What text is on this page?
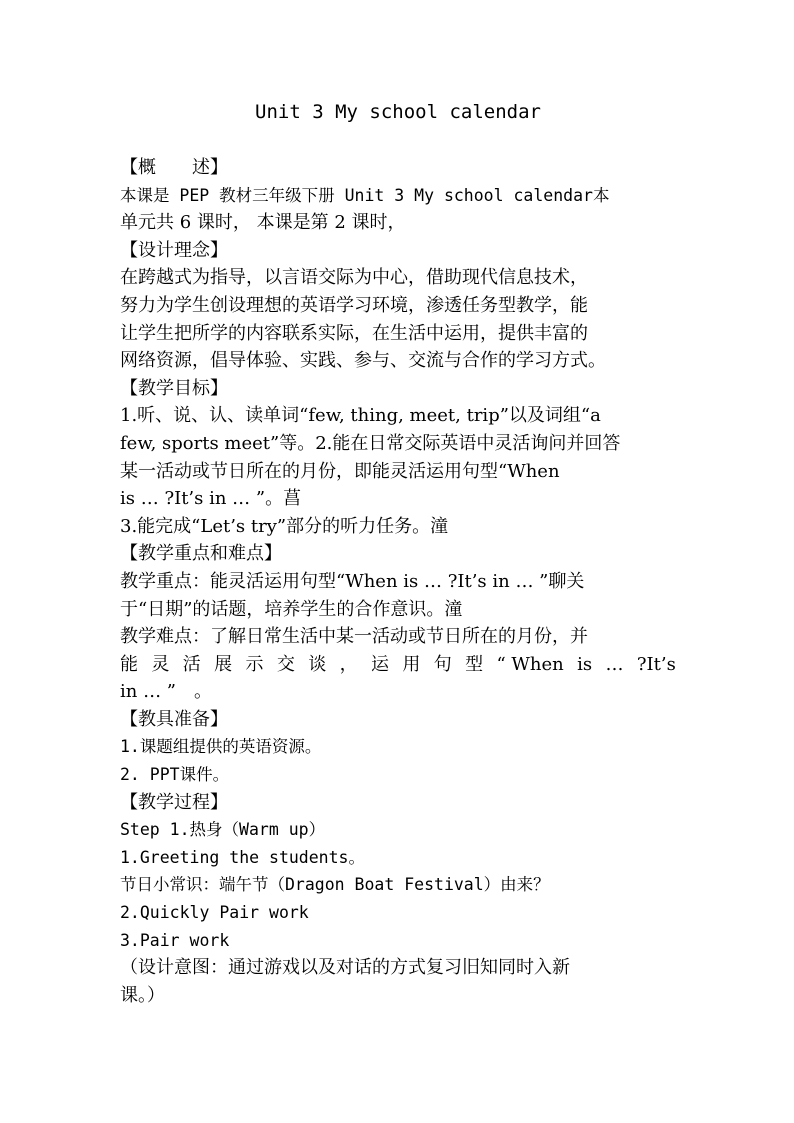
Unit 3 My school calendar
【概　　述】
本课是 PEP 教材三年级下册 Unit 3 My school calendar本
单元共 6 课时， 本课是第 2 课时，
【设计理念】
在跨越式为指导，以言语交际为中心，借助现代信息技术，
努力为学生创设理想的英语学习环境，渗透任务型教学，能
让学生把所学的内容联系实际，在生活中运用，提供丰富的
网络资源，倡导体验、实践、参与、交流与合作的学习方式。
【教学目标】
1.听、说、认、读单词“few, thing, meet, trip”以及词组“a
few, sports meet”等。2.能在日常交际英语中灵活询问并回答
某一活动或节日所在的月份，即能灵活运用句型“When
is … ?It’s in … ”。菖
3.能完成“Let’s try”部分的听力任务。潼
【教学重点和难点】
教学重点：能灵活运用句型“When is … ?It’s in … ”聊关
于“日期”的话题，培养学生的合作意识。潼
教学难点：了解日常生活中某一活动或节日所在的月份，并
能 灵 活 展 示 交 谈 ， 运 用 句 型 “ When is … ?It’s
in … ”　。
【教具准备】
1.课题组提供的英语资源。
2. PPT课件。
【教学过程】
Step 1.热身（Warm up）
1.Greeting the students。
节日小常识：端午节（Dragon Boat Festival）由来？
2.Quickly Pair work
3.Pair work
（设计意图：通过游戏以及对话的方式复习旧知同时入新
课。）
